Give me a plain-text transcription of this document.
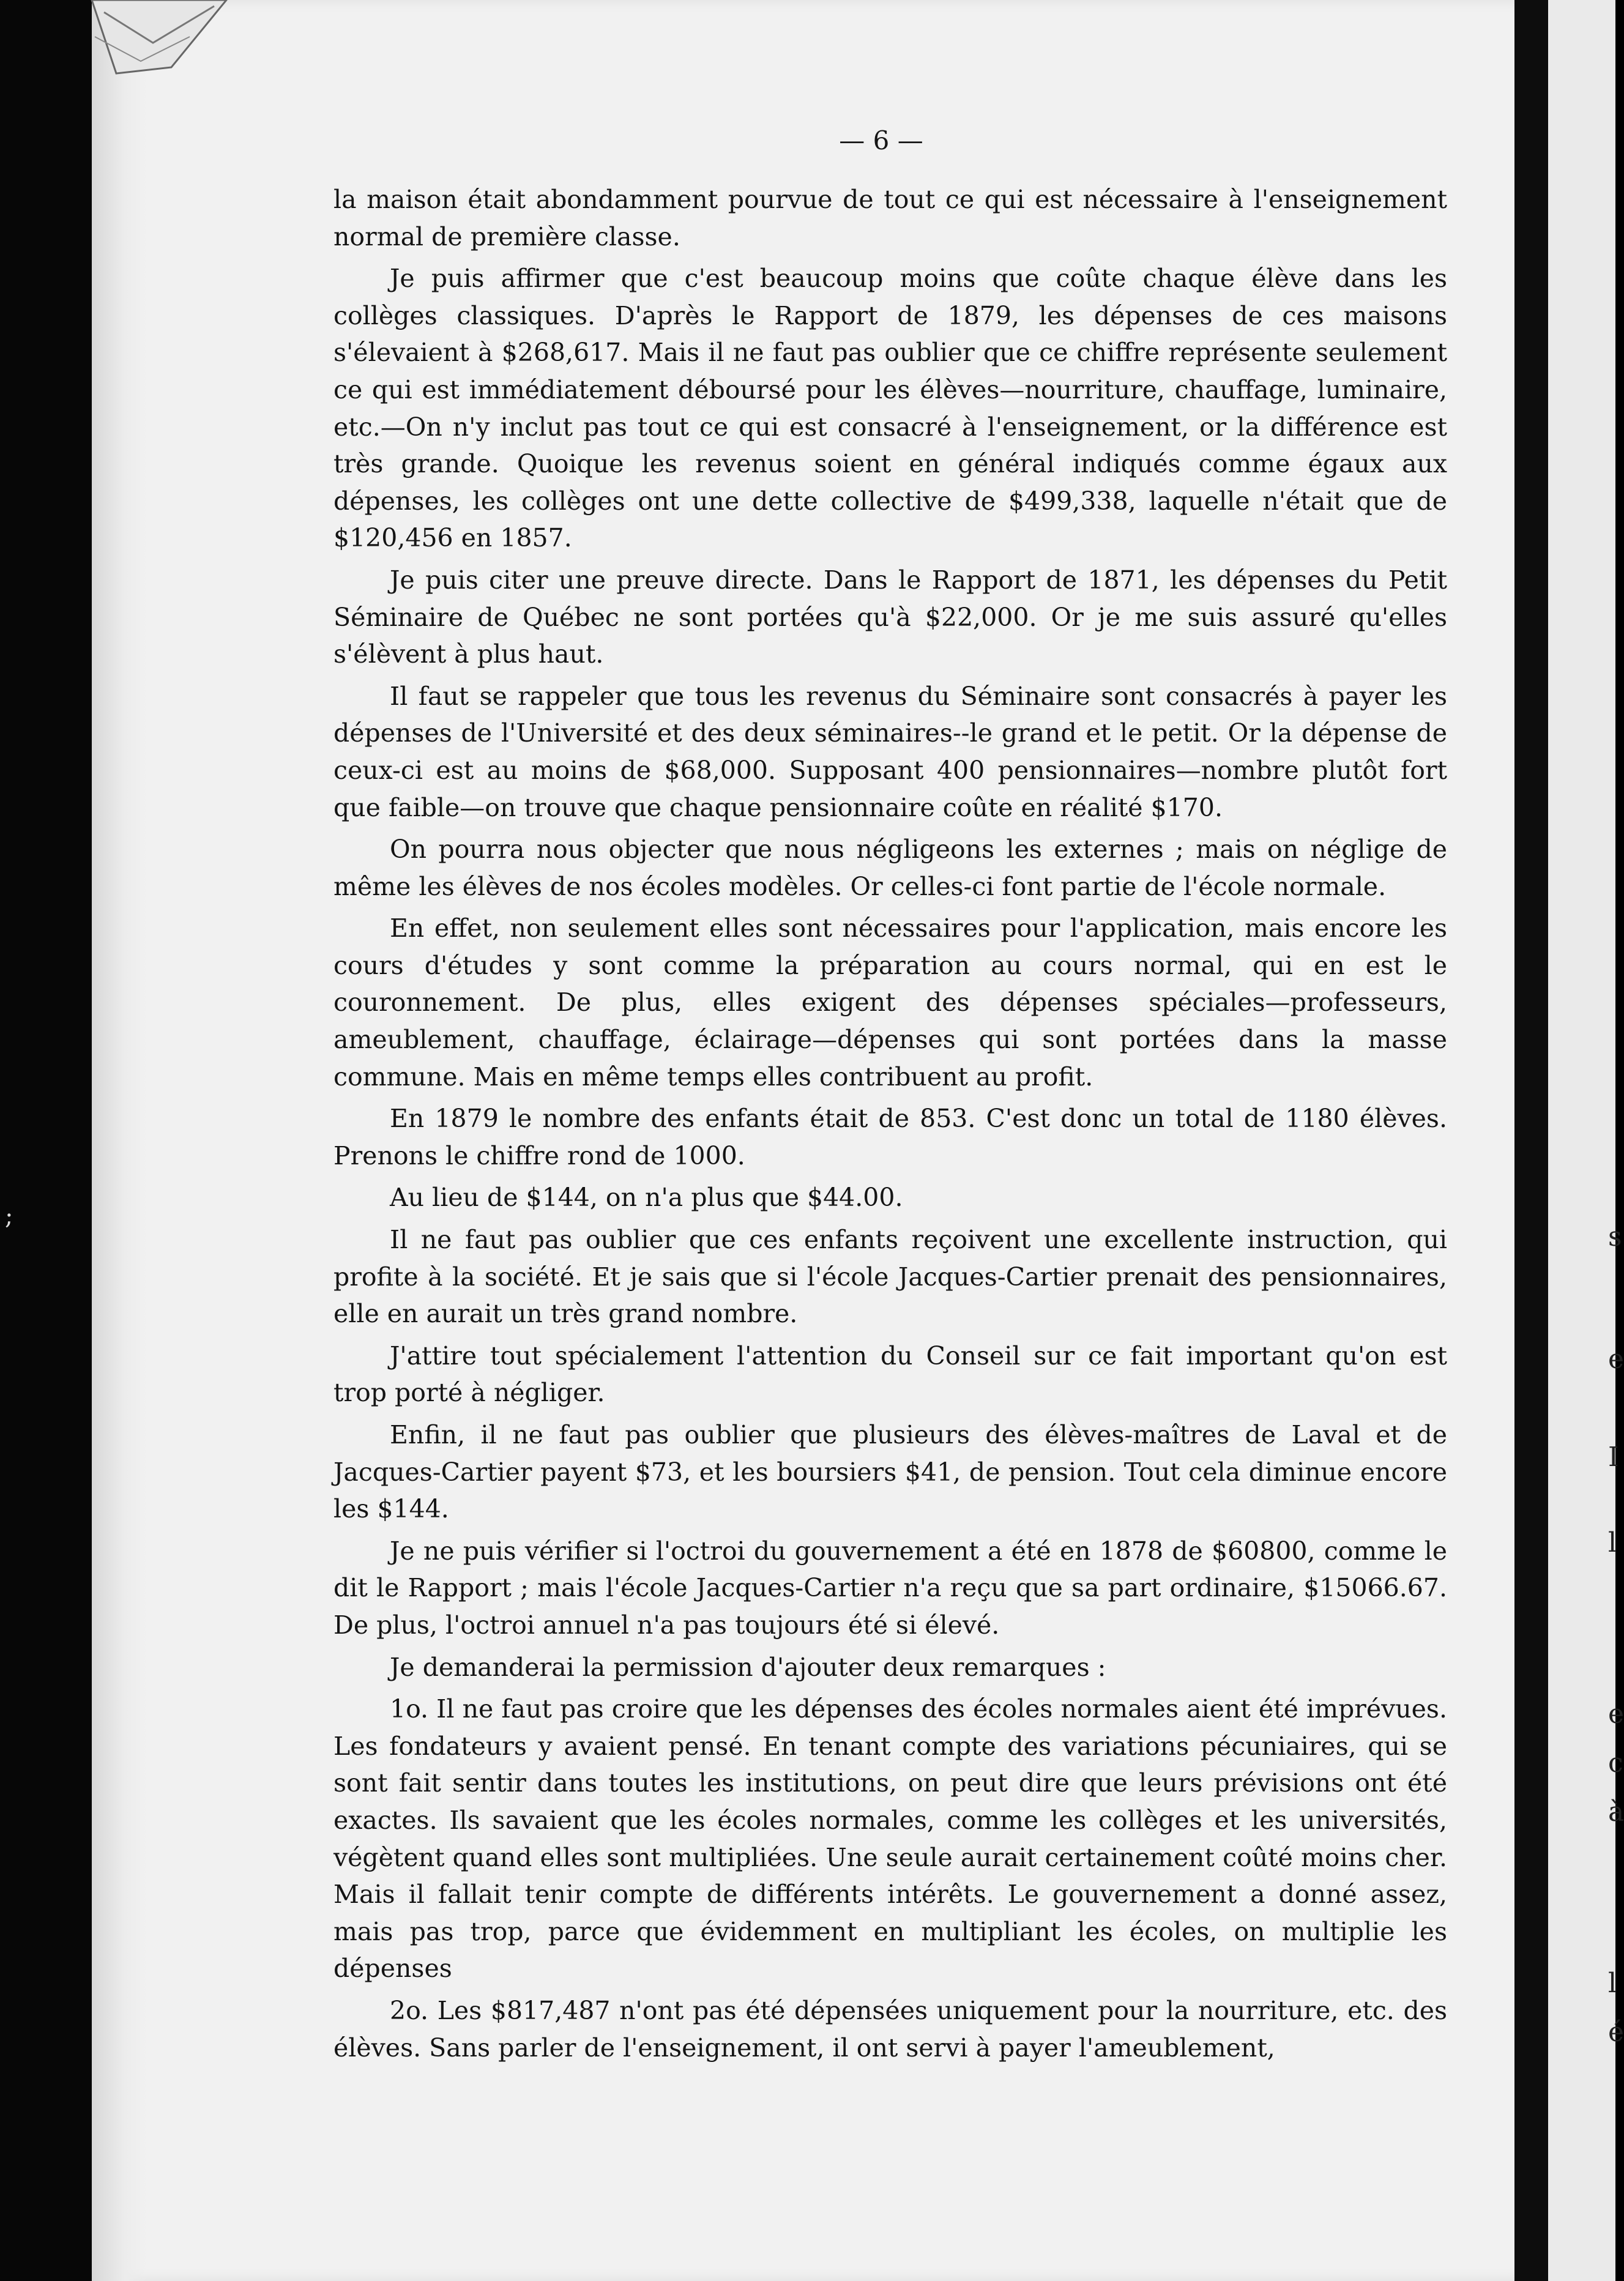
s
e
I
l
e
c
à
l
é
;
— 6 —

la maison était abondamment pourvue de tout ce qui est nécessaire à l'enseignement normal de première classe.

Je puis affirmer que c'est beaucoup moins que coûte chaque élève dans les collèges classiques. D'après le Rapport de 1879, les dépenses de ces maisons s'élevaient à $268,617. Mais il ne faut pas oublier que ce chiffre représente seulement ce qui est immédiatement déboursé pour les élèves—nourriture, chauffage, luminaire, etc.—On n'y inclut pas tout ce qui est consacré à l'enseignement, or la différence est très grande. Quoique les revenus soient en général indiqués comme égaux aux dépenses, les collèges ont une dette collective de $499,338, laquelle n'était que de $120,456 en 1857.

Je puis citer une preuve directe. Dans le Rapport de 1871, les dépenses du Petit Séminaire de Québec ne sont portées qu'à $22,000. Or je me suis assuré qu'elles s'élèvent à plus haut.

Il faut se rappeler que tous les revenus du Séminaire sont consacrés à payer les dépenses de l'Université et des deux séminaires--le grand et le petit. Or la dépense de ceux-ci est au moins de $68,000. Supposant 400 pensionnaires—nombre plutôt fort que faible—on trouve que chaque pensionnaire coûte en réalité $170.

On pourra nous objecter que nous négligeons les externes ; mais on néglige de même les élèves de nos écoles modèles. Or celles-ci font partie de l'école normale.

En effet, non seulement elles sont nécessaires pour l'application, mais encore les cours d'études y sont comme la préparation au cours normal, qui en est le couronnement. De plus, elles exigent des dépenses spéciales—professeurs, ameublement, chauffage, éclairage—dépenses qui sont portées dans la masse commune. Mais en même temps elles contribuent au profit.

En 1879 le nombre des enfants était de 853. C'est donc un total de 1180 élèves. Prenons le chiffre rond de 1000.

Au lieu de $144, on n'a plus que $44.00.

Il ne faut pas oublier que ces enfants reçoivent une excellente instruction, qui profite à la société. Et je sais que si l'école Jacques-Cartier prenait des pensionnaires, elle en aurait un très grand nombre.

J'attire tout spécialement l'attention du Conseil sur ce fait important qu'on est trop porté à négliger.

Enfin, il ne faut pas oublier que plusieurs des élèves-maîtres de Laval et de Jacques-Cartier payent $73, et les boursiers $41, de pension. Tout cela diminue encore les $144.

Je ne puis vérifier si l'octroi du gouvernement a été en 1878 de $60800, comme le dit le Rapport ; mais l'école Jacques-Cartier n'a reçu que sa part ordinaire, $15066.67. De plus, l'octroi annuel n'a pas toujours été si élevé.

Je demanderai la permission d'ajouter deux remarques :

1o. Il ne faut pas croire que les dépenses des écoles normales aient été imprévues. Les fondateurs y avaient pensé. En tenant compte des variations pécuniaires, qui se sont fait sentir dans toutes les institutions, on peut dire que leurs prévisions ont été exactes. Ils savaient que les écoles normales, comme les collèges et les universités, végètent quand elles sont multipliées. Une seule aurait certainement coûté moins cher. Mais il fallait tenir compte de différents intérêts. Le gouvernement a donné assez, mais pas trop, parce que évidemment en multipliant les écoles, on multiplie les dépenses

2o. Les $817,487 n'ont pas été dépensées uniquement pour la nourriture, etc. des élèves. Sans parler de l'enseignement, il ont servi à payer l'ameublement,
